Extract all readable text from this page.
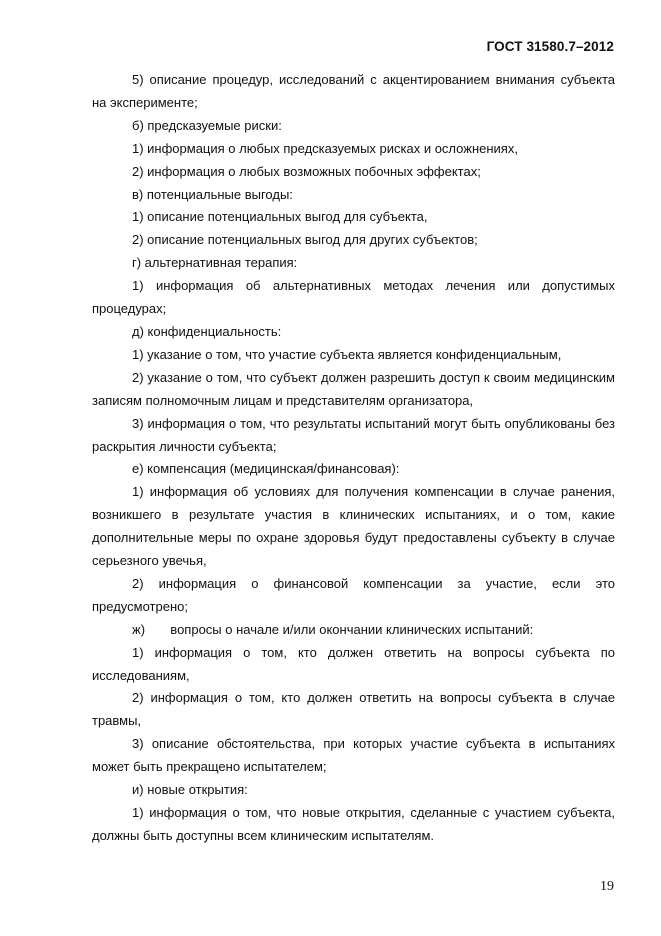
ГОСТ 31580.7–2012

5) описание процедур, исследований с акцентированием внимания субъекта на эксперименте;

б) предсказуемые риски:

1) информация о любых предсказуемых рисках и осложнениях,

2) информация о любых возможных побочных эффектах;

в) потенциальные выгоды:

1) описание потенциальных выгод для субъекта,

2) описание потенциальных выгод для других субъектов;

г) альтернативная терапия:

1) информация об альтернативных методах лечения или допустимых процедурах;

д) конфиденциальность:

1) указание о том, что участие субъекта является конфиденциальным,

2) указание о том, что субъект должен разрешить доступ к своим медицинским записям полномочным лицам и представителям организатора,

3) информация о том, что результаты испытаний могут быть опубликованы без раскрытия личности субъекта;

е) компенсация (медицинская/финансовая):

1) информация об условиях для получения компенсации в случае ранения, возникшего в результате участия в клинических испытаниях, и о том, какие дополнительные меры по охране здоровья будут предоставлены субъекту в случае серьезного увечья,

2) информация о финансовой компенсации за участие, если это предусмотрено;

ж)       вопросы о начале и/или окончании клинических испытаний:

1) информация о том, кто должен ответить на вопросы субъекта по исследованиям,

2) информация о том, кто должен ответить на вопросы субъекта в случае травмы,

3) описание обстоятельства, при которых участие субъекта в испытаниях может быть прекращено испытателем;

и) новые открытия:

1) информация о том, что новые открытия, сделанные с участием субъекта, должны быть доступны всем клиническим испытателям.

19
